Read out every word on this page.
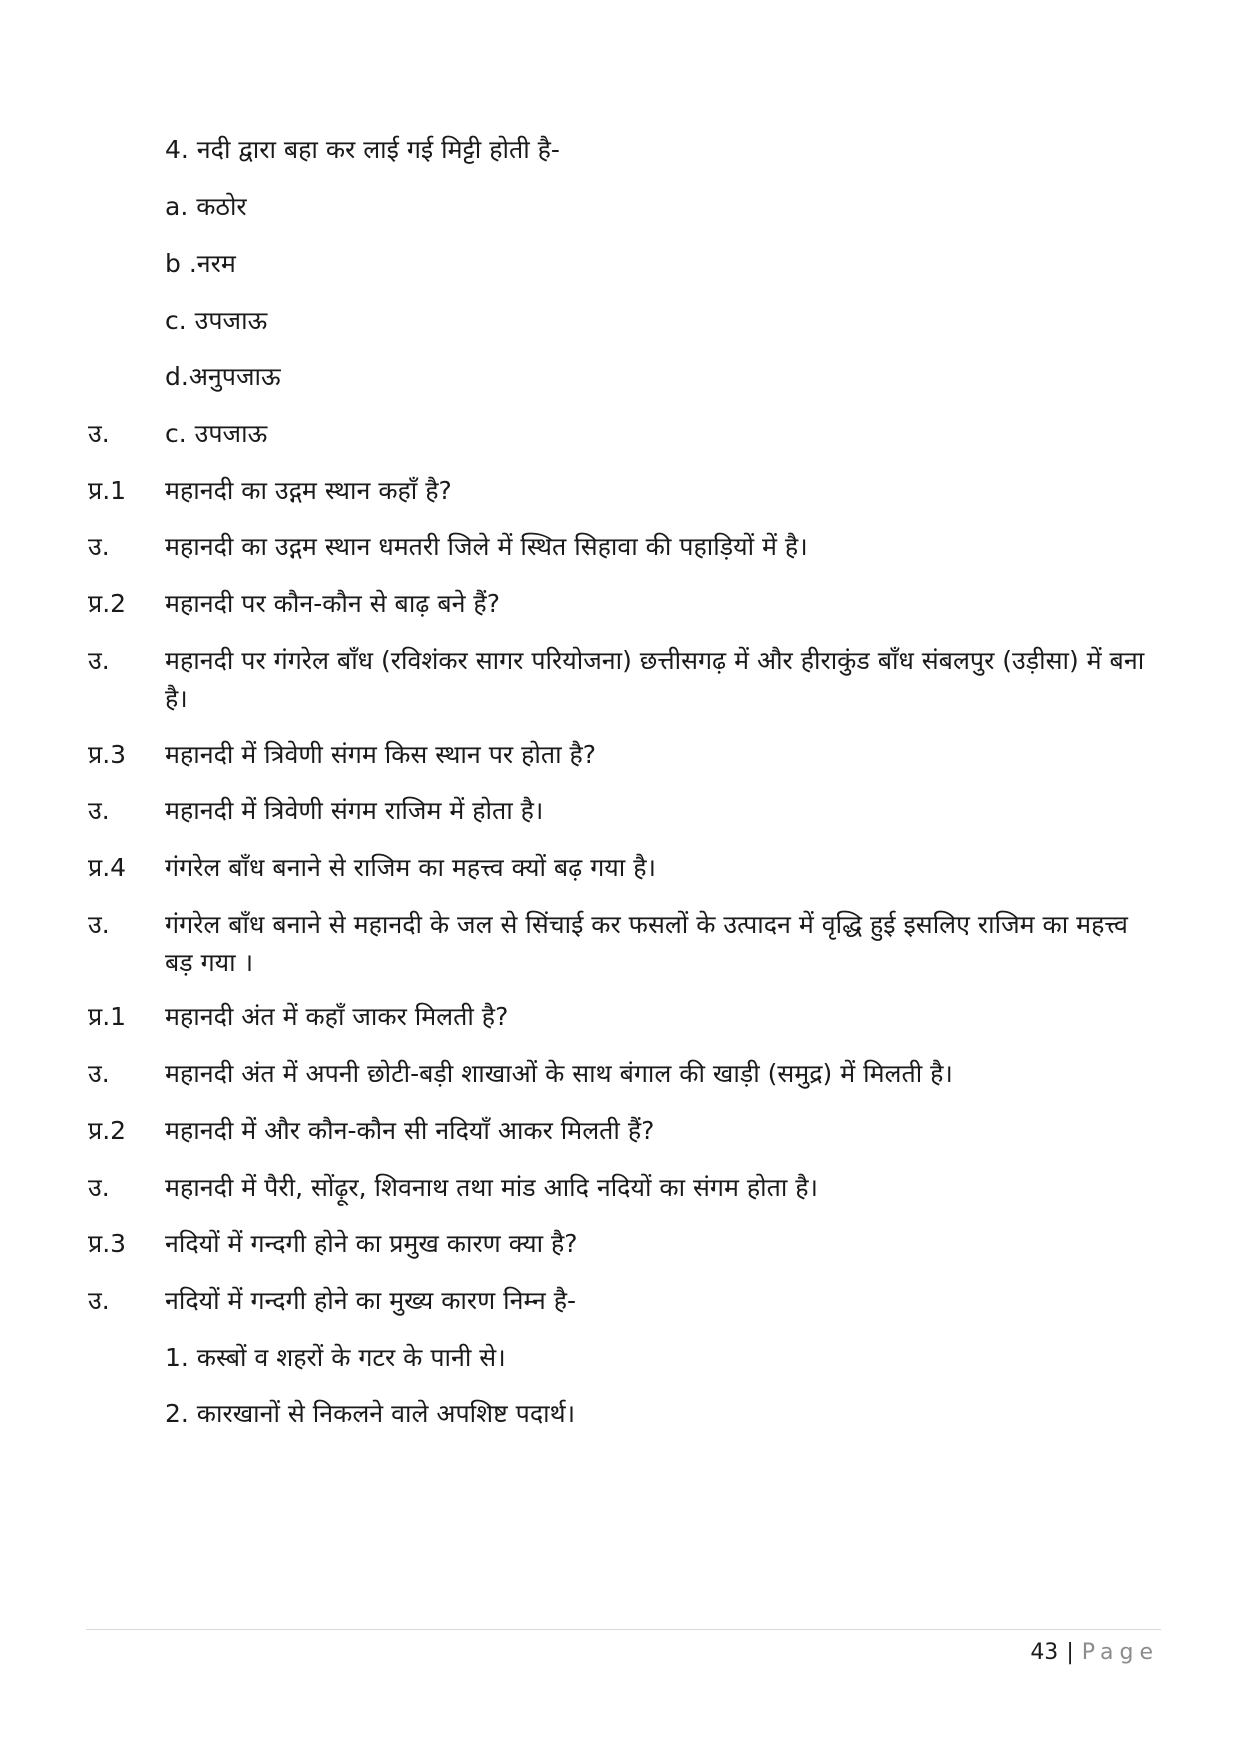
4. नदी द्वारा बहा कर लाई गई मिट्टी होती है-
a. कठोर
b .नरम
c. उपजाऊ
d.अनुपजाऊ
उ. c. उपजाऊ
प्र.1 महानदी का उद्गम स्थान कहाँ है?
उ. महानदी का उद्गम स्थान धमतरी जिले में स्थित सिहावा की पहाड़ियों में है।
प्र.2 महानदी पर कौन-कौन से बाढ़ बने हैं?
उ. महानदी पर गंगरेल बाँध (रविशंकर सागर परियोजना) छत्तीसगढ़ में और हीराकुंड बाँध संबलपुर (उड़ीसा) में बना है।
प्र.3 महानदी में त्रिवेणी संगम किस स्थान पर होता है?
उ. महानदी में त्रिवेणी संगम राजिम में होता है।
प्र.4 गंगरेल बाँध बनाने से राजिम का महत्त्व क्यों बढ़ गया है।
उ. गंगरेल बाँध बनाने से महानदी के जल से सिंचाई कर फसलों के उत्पादन में वृद्धि हुई इसलिए राजिम का महत्त्व बड़ गया ।
प्र.1 महानदी अंत में कहाँ जाकर मिलती है?
उ. महानदी अंत में अपनी छोटी-बड़ी शाखाओं के साथ बंगाल की खाड़ी (समुद्र) में मिलती है।
प्र.2 महानदी में और कौन-कौन सी नदियाँ आकर मिलती हैं?
उ. महानदी में पैरी, सोंढ़ूर, शिवनाथ तथा मांड आदि नदियों का संगम होता है।
प्र.3 नदियों में गन्दगी होने का प्रमुख कारण क्या है?
उ. नदियों में गन्दगी होने का मुख्य कारण निम्न है-
1. कस्बों व शहरों के गटर के पानी से।
2. कारखानों से निकलने वाले अपशिष्ट पदार्थ।
43 | Page
